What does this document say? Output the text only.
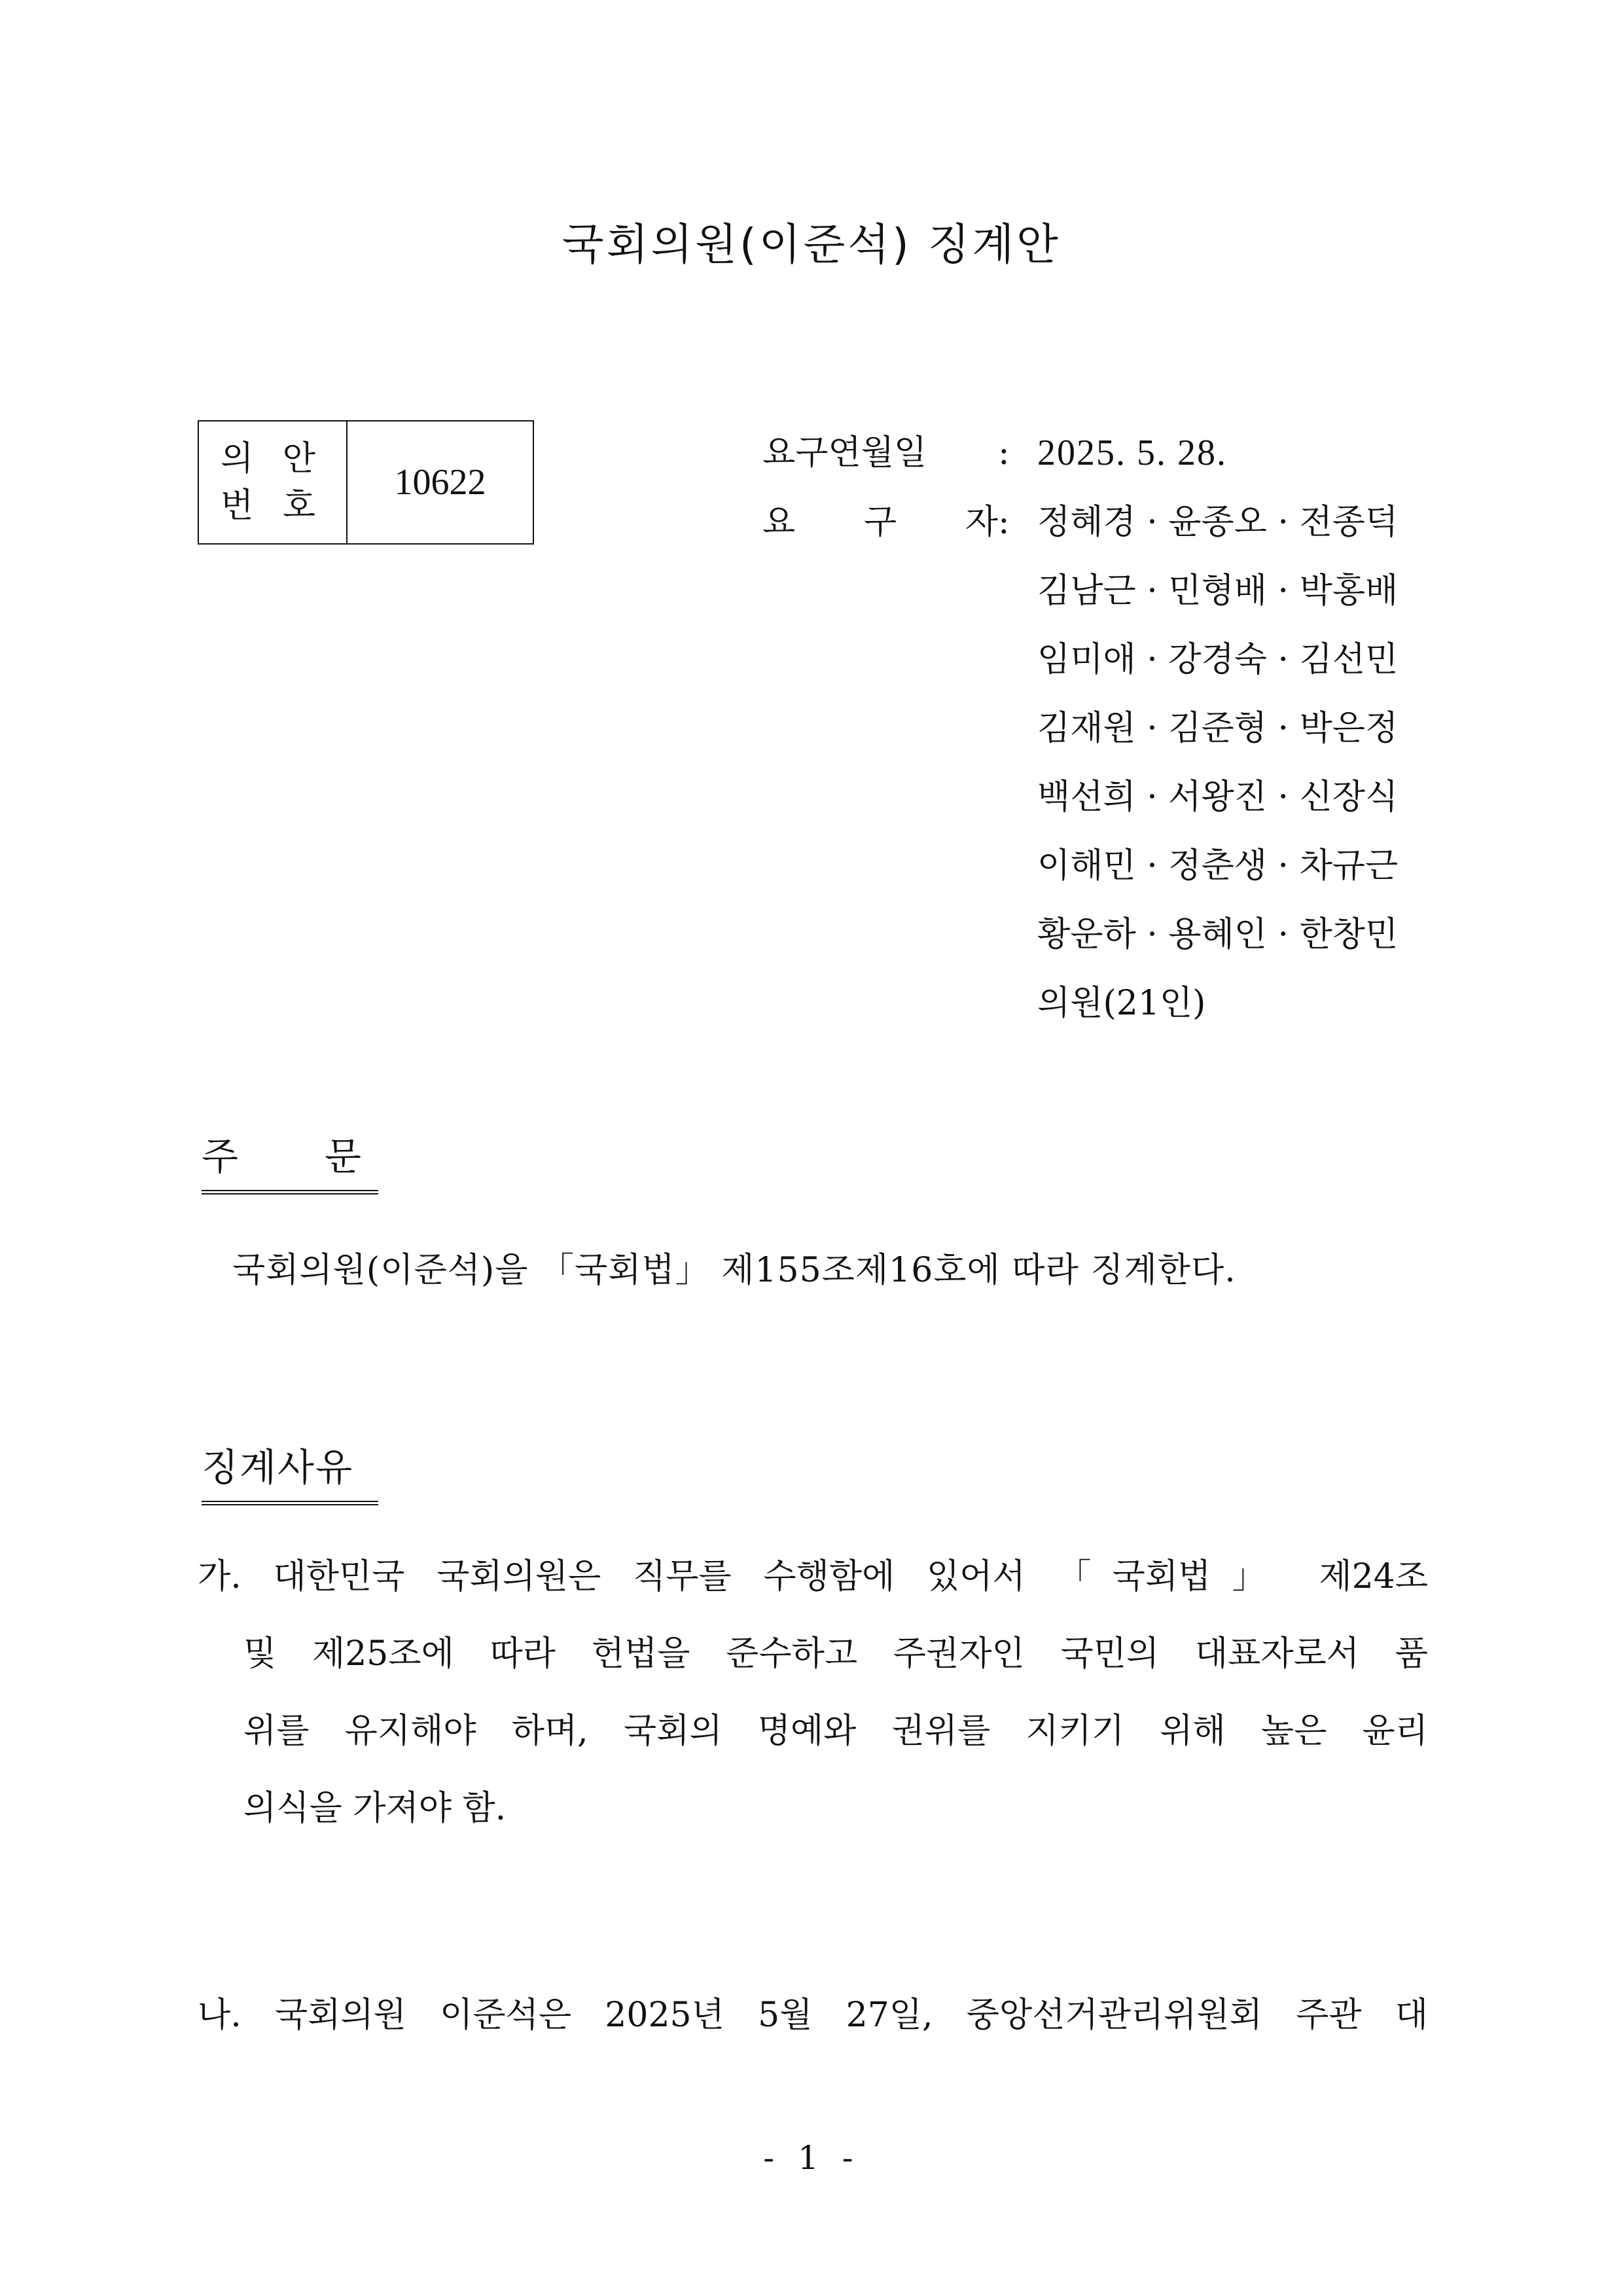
국회의원(이준석) 징계안
의 안
번 호
10622
요구연월일	: 2025. 5. 28.
요 구 자 : 정혜경 · 윤종오 · 전종덕
김남근 · 민형배 · 박홍배
임미애 · 강경숙 · 김선민
김재원 · 김준형 · 박은정
백선희 · 서왕진 · 신장식
이해민 · 정춘생 · 차규근
황운하 · 용혜인 · 한창민
의원(21인)
주 문
국회의원(이준석)을 「국회법」 제155조제16호에 따라 징계한다.
징계사유
가. 대한민국 국회의원은 직무를 수행함에 있어서 「국회법」 제24조
및 제25조에 따라 헌법을 준수하고 주권자인 국민의 대표자로서 품
위를 유지해야 하며, 국회의 명예와 권위를 지키기 위해 높은 윤리
의식을 가져야 함.
나. 국회의원 이준석은 2025년 5월 27일, 중앙선거관리위원회 주관 대
- 1 -
